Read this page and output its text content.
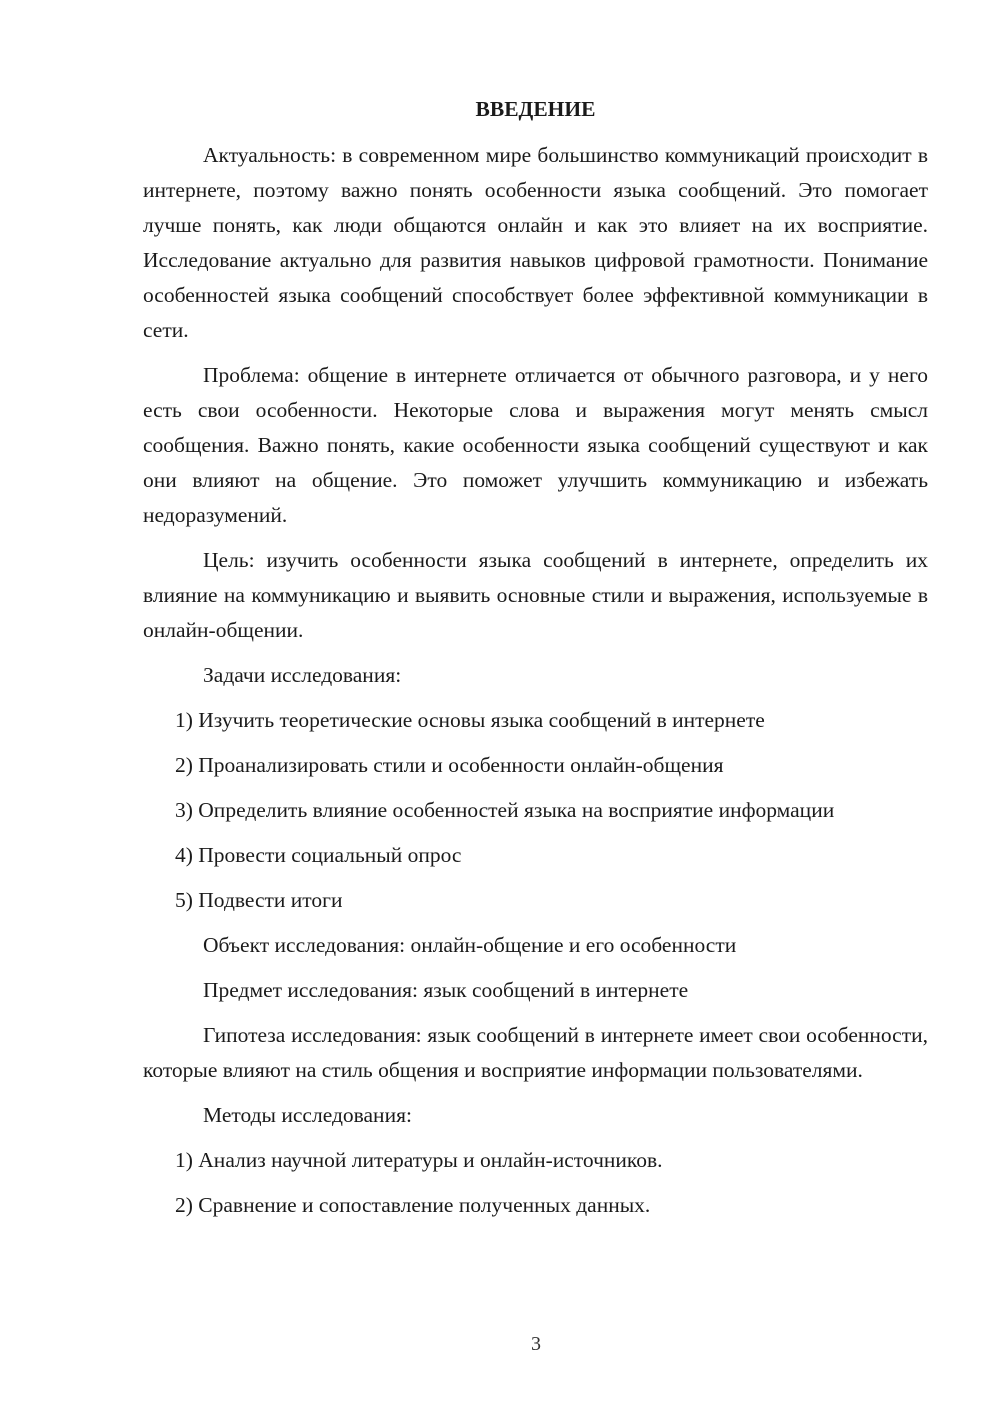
ВВЕДЕНИЕ

Актуальность: в современном мире большинство коммуникаций происходит в интернете, поэтому важно понять особенности языка сообщений. Это помогает лучше понять, как люди общаются онлайн и как это влияет на их восприятие. Исследование актуально для развития навыков цифровой грамотности. Понимание особенностей языка сообщений способствует более эффективной коммуникации в сети.

Проблема: общение в интернете отличается от обычного разговора, и у него есть свои особенности. Некоторые слова и выражения могут менять смысл сообщения. Важно понять, какие особенности языка сообщений существуют и как они влияют на общение. Это поможет улучшить коммуникацию и избежать недоразумений.

Цель: изучить особенности языка сообщений в интернете, определить их влияние на коммуникацию и выявить основные стили и выражения, используемые в онлайн-общении.

Задачи исследования:
1) Изучить теоретические основы языка сообщений в интернете
2) Проанализировать стили и особенности онлайн-общения
3) Определить влияние особенностей языка на восприятие информации
4) Провести социальный опрос
5) Подвести итоги
Объект исследования: онлайн-общение и его особенности
Предмет исследования: язык сообщений в интернете

Гипотеза исследования: язык сообщений в интернете имеет свои особенности, которые влияют на стиль общения и восприятие информации пользователями.

Методы исследования:
1) Анализ научной литературы и онлайн-источников.
2) Сравнение и сопоставление полученных данных.
3
